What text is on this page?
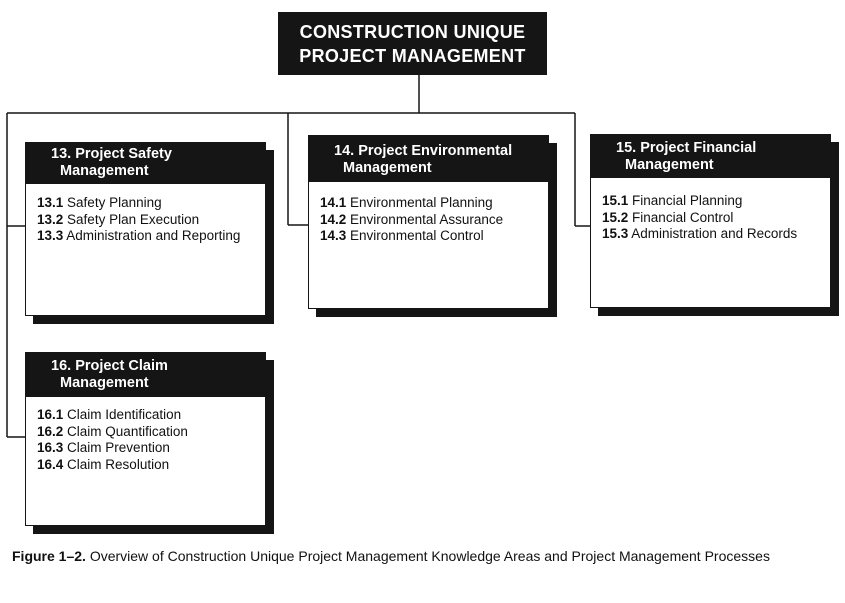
CONSTRUCTION UNIQUE
PROJECT MANAGEMENT
13. Project Safety
Management
13.1 Safety Planning
13.2 Safety Plan Execution
13.3 Administration and Reporting
14. Project Environmental
Management
14.1 Environmental Planning
14.2 Environmental Assurance
14.3 Environmental Control
15. Project Financial
Management
15.1 Financial Planning
15.2 Financial Control
15.3 Administration and Records
16. Project Claim
Management
16.1 Claim Identification
16.2 Claim Quantification
16.3 Claim Prevention
16.4 Claim Resolution
Figure 1–2. Overview of Construction Unique Project Management Knowledge Areas and Project Management Processes
